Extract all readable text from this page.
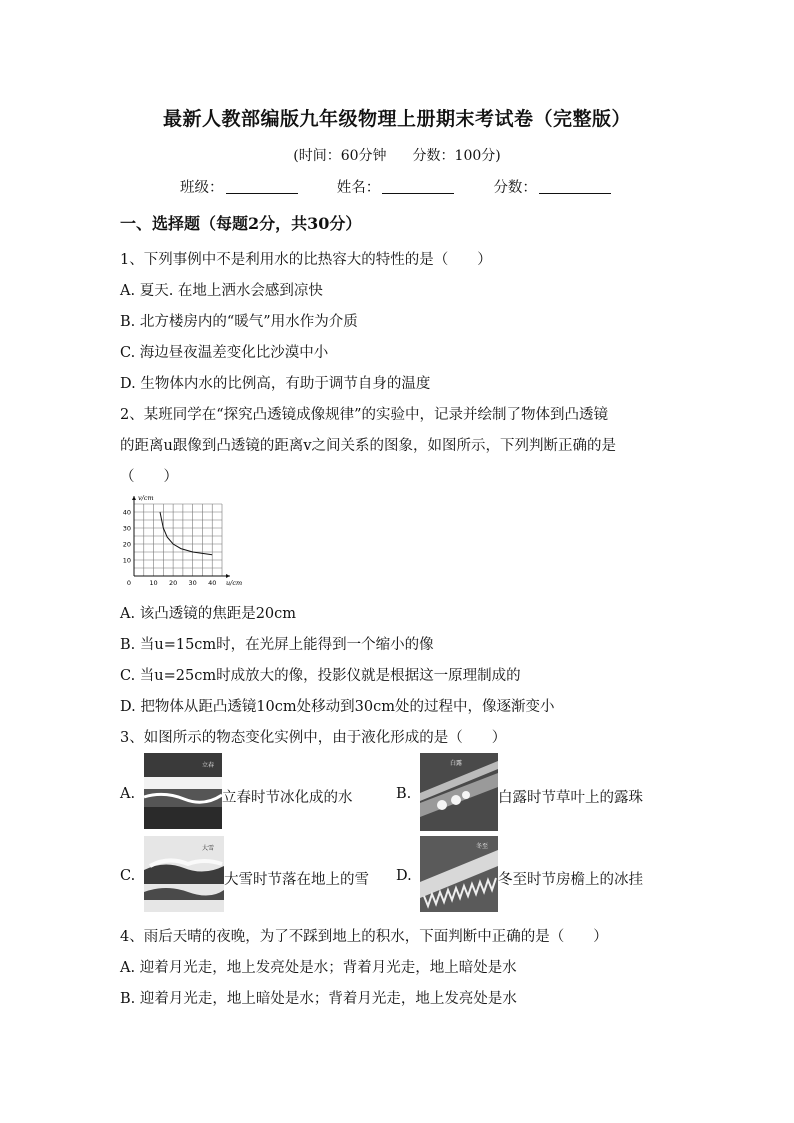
最新人教部编版九年级物理上册期末考试卷（完整版）
(时间：60分钟 分数：100分)
班级：	姓名：	分数：
一、选择题（每题2分，共30分）
1、下列事例中不是利用水的比热容大的特性的是（　　）
A. 夏天. 在地上洒水会感到凉快
B. 北方楼房内的“暖气”用水作为介质
C. 海边昼夜温差变化比沙漠中小
D. 生物体内水的比例高，有助于调节自身的温度
2、某班同学在“探究凸透镜成像规律”的实验中，记录并绘制了物体到凸透镜
的距离u跟像到凸透镜的距离v之间关系的图象，如图所示，下列判断正确的是
（　　）
10 20 30 40
10
20
30
40
0	u/cm
v/cm
A. 该凸透镜的焦距是20cm
B. 当u=15cm时，在光屏上能得到一个缩小的像
C. 当u=25cm时成放大的像，投影仪就是根据这一原理制成的
D. 把物体从距凸透镜10cm处移动到30cm处的过程中，像逐渐变小
3、如图所示的物态变化实例中，由于液化形成的是（　　）
A.
立春
立春时节冰化成的水	B.
白露
白露时节草叶上的露珠
C.
大雪
大雪时节落在地上的雪 D.
冬至
冬至时节房檐上的冰挂
4、雨后天晴的夜晚，为了不踩到地上的积水，下面判断中正确的是（　　）
A. 迎着月光走，地上发亮处是水；背着月光走，地上暗处是水
B. 迎着月光走，地上暗处是水；背着月光走，地上发亮处是水
